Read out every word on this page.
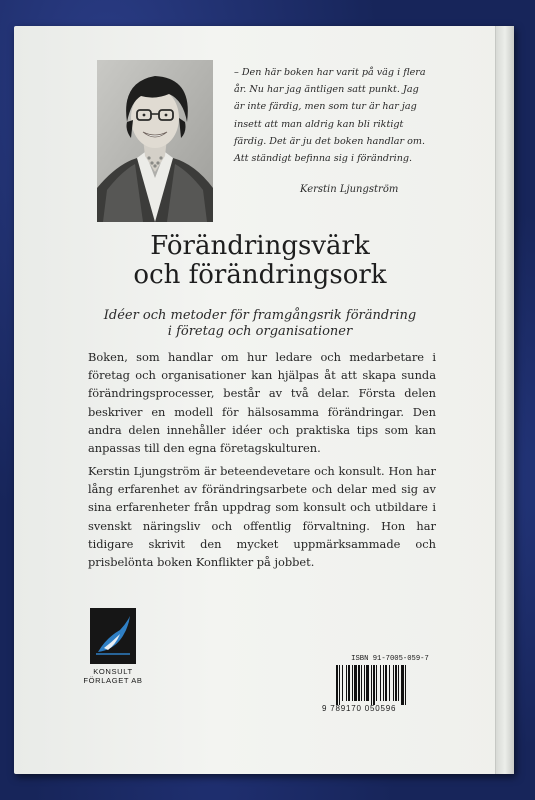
– Den här boken har varit på väg i flera
år. Nu har jag äntligen satt punkt. Jag
är inte färdig, men som tur är har jag
insett att man aldrig kan bli riktigt
färdig. Det är ju det boken handlar om.
Att ständigt befinna sig i förändring.

Kerstin Ljungström

Förändringsvärk
och förändringsork
Idéer och metoder för framgångsrik förändring
i företag och organisationer

Boken, som handlar om hur ledare och medarbetare i företag och organisationer kan hjälpas åt att skapa sunda förändringsprocesser, består av två delar. Första delen beskriver en modell för hälsosamma förändringar. Den andra delen innehåller idéer och praktiska tips som kan anpassas till den egna företagskulturen.

Kerstin Ljungström är beteendevetare och konsult. Hon har lång erfarenhet av förändringsarbete och delar med sig av sina erfarenheter från uppdrag som konsult och utbildare i svenskt näringsliv och offentlig förvaltning. Hon har tidigare skrivit den mycket uppmärksammade och prisbelönta boken Konflikter på jobbet.

KONSULT
FÖRLAGET AB

ISBN 91-7005-059-7

9 789170 050596
